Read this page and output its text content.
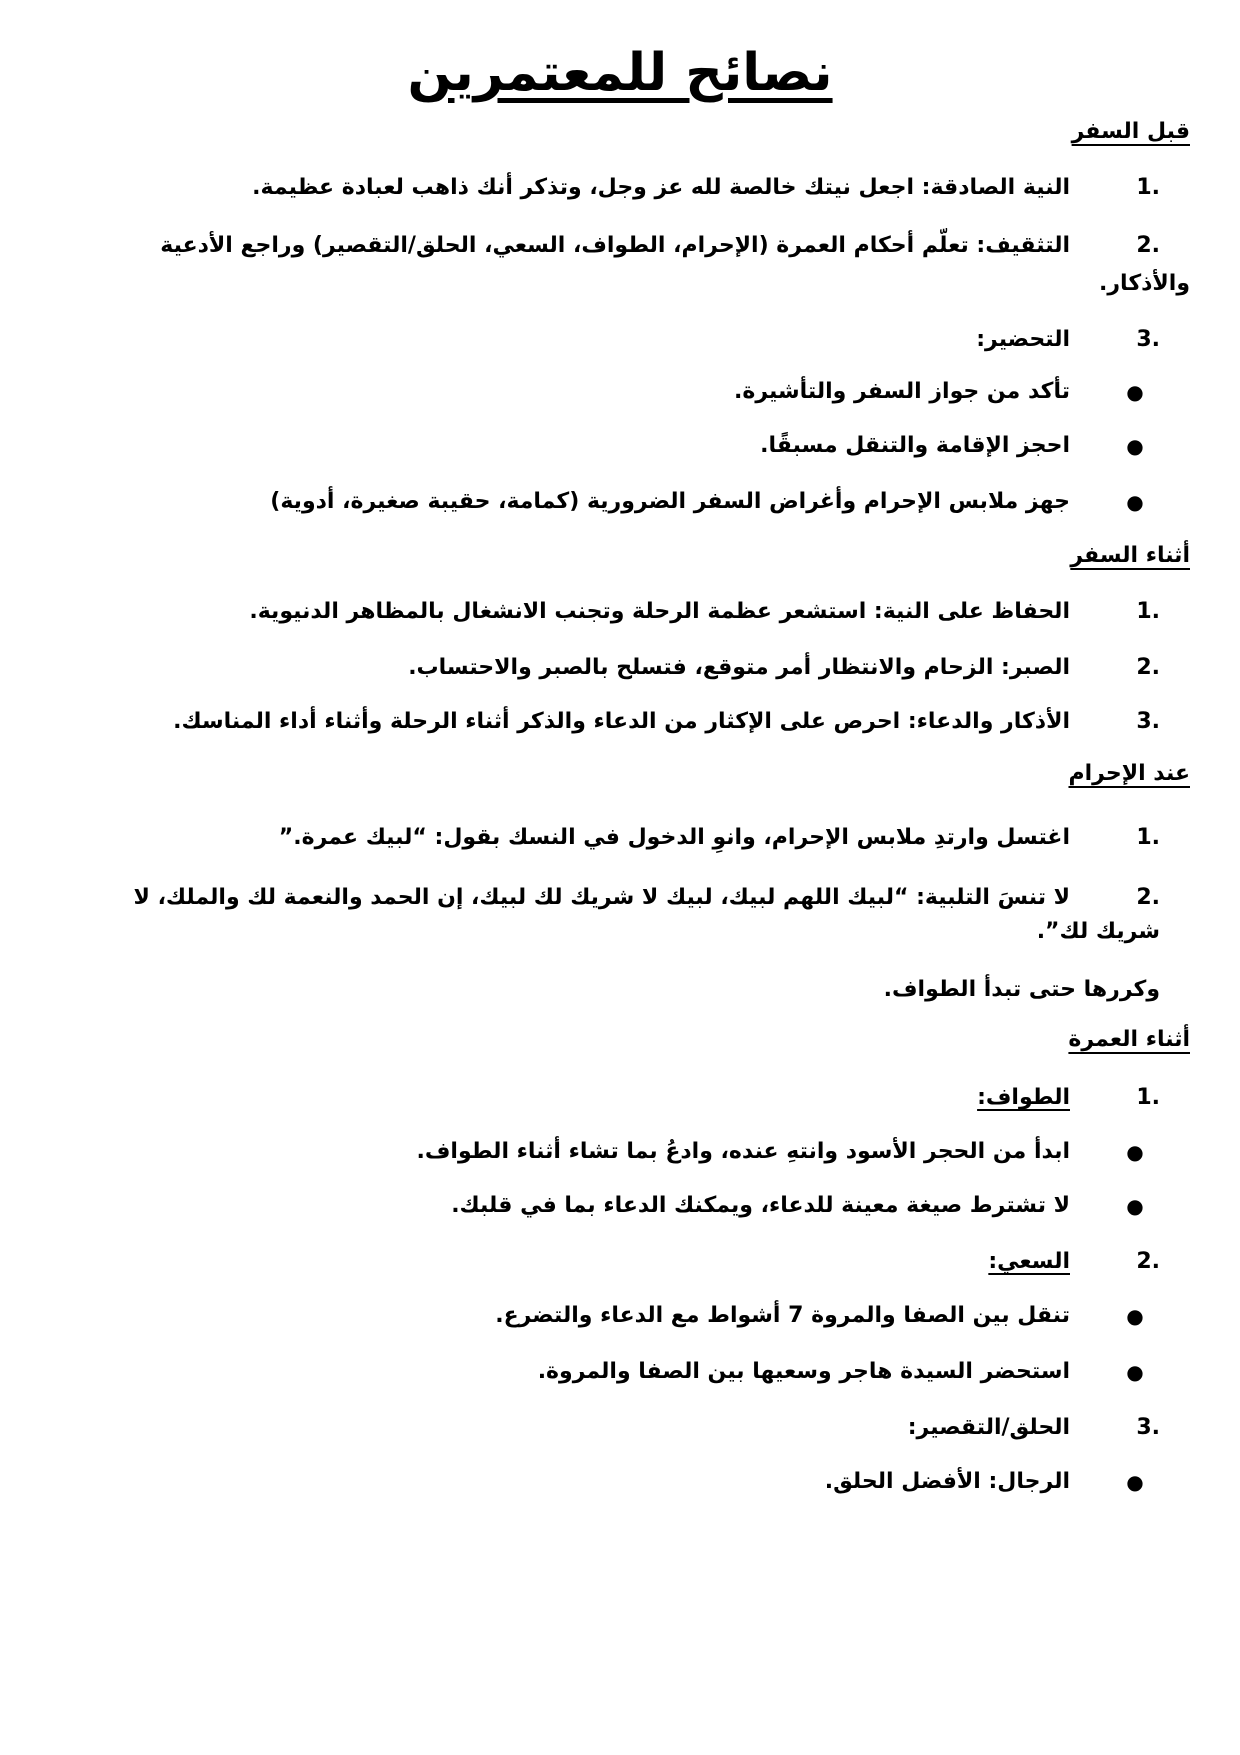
نصائح للمعتمرين
قبل السفر
1.
النية الصادقة: اجعل نيتك خالصة لله عز وجل، وتذكر أنك ذاهب لعبادة عظيمة.
2.
التثقيف: تعلّم أحكام العمرة (الإحرام، الطواف، السعي، الحلق/التقصير) وراجع الأدعية
والأذكار.
3.
التحضير:
●
تأكد من جواز السفر والتأشيرة.
●
احجز الإقامة والتنقل مسبقًا.
●
جهز ملابس الإحرام وأغراض السفر الضرورية (كمامة، حقيبة صغيرة، أدوية)
أثناء السفر
1.
الحفاظ على النية: استشعر عظمة الرحلة وتجنب الانشغال بالمظاهر الدنيوية.
2.
الصبر: الزحام والانتظار أمر متوقع، فتسلح بالصبر والاحتساب.
3.
الأذكار والدعاء: احرص على الإكثار من الدعاء والذكر أثناء الرحلة وأثناء أداء المناسك.
عند الإحرام
1.
اغتسل وارتدِ ملابس الإحرام، وانوِ الدخول في النسك بقول: “لبيك عمرة.”
2.
لا تنسَ التلبية: “لبيك اللهم لبيك، لبيك لا شريك لك لبيك، إن الحمد والنعمة لك والملك، لا
شريك لك”.
وكررها حتى تبدأ الطواف.
أثناء العمرة
1.
الطواف:
●
ابدأ من الحجر الأسود وانتهِ عنده، وادعُ بما تشاء أثناء الطواف.
●
لا تشترط صيغة معينة للدعاء، ويمكنك الدعاء بما في قلبك.
2.
السعي:
●
تنقل بين الصفا والمروة 7 أشواط مع الدعاء والتضرع.
●
استحضر السيدة هاجر وسعيها بين الصفا والمروة.
3.
الحلق/التقصير:
●
الرجال: الأفضل الحلق.
